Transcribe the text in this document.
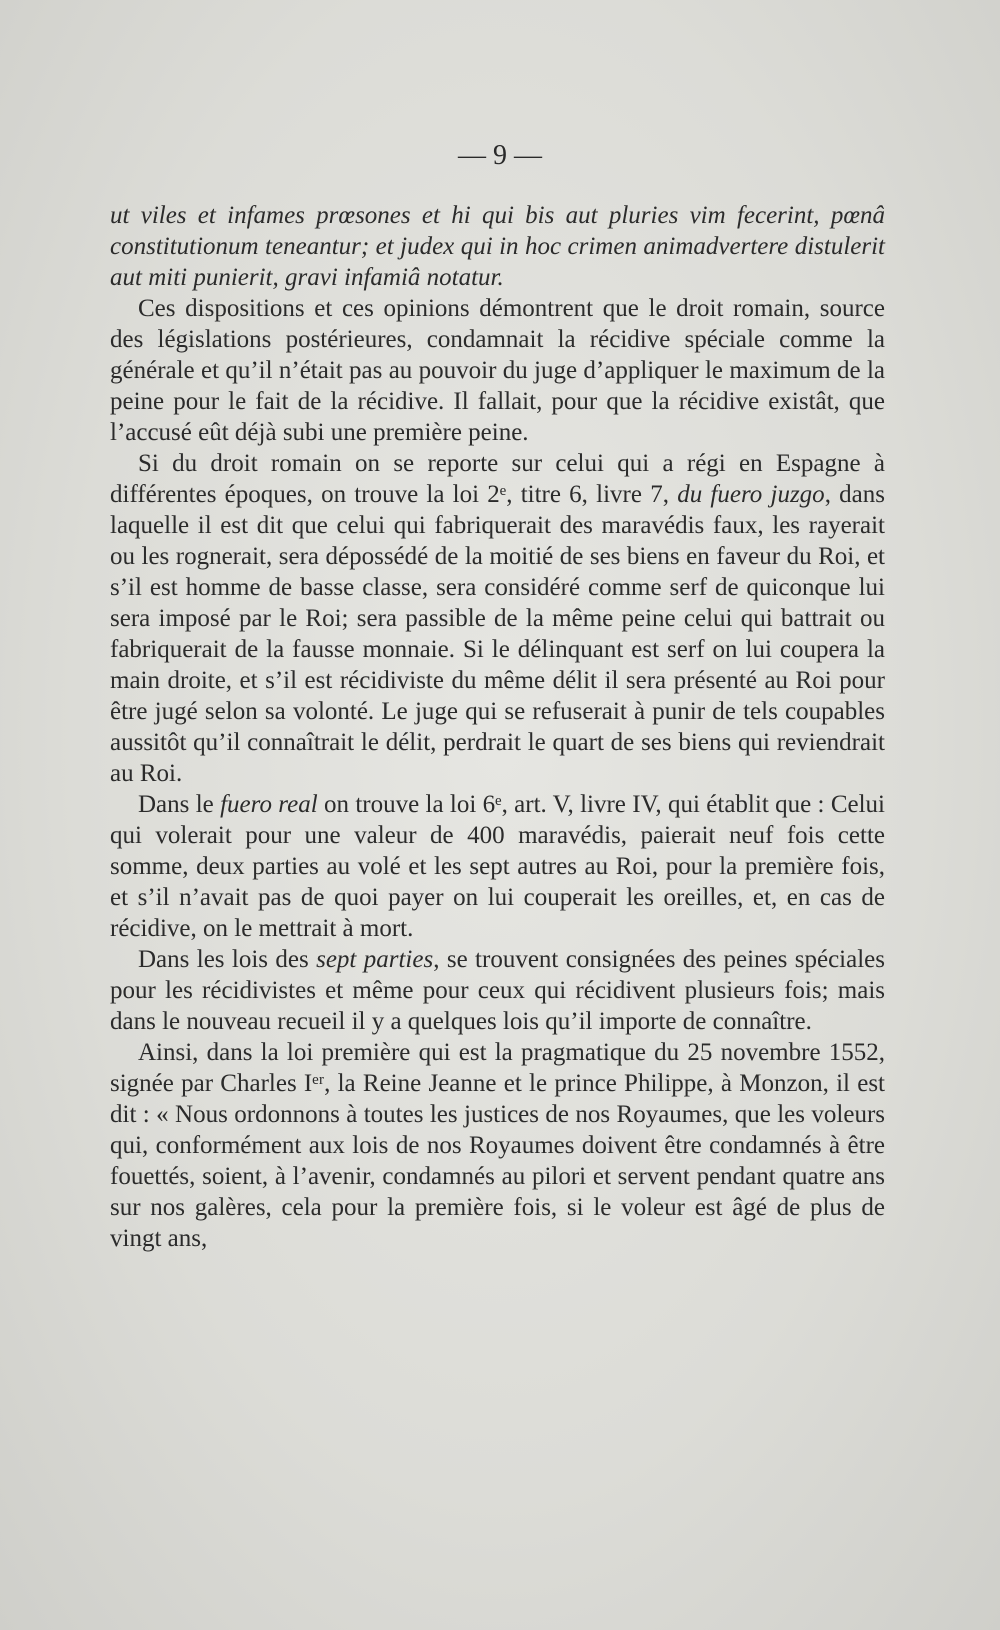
— 9 —

ut viles et infames prœsones et hi qui bis aut pluries vim fecerint, pœnâ constitutionum teneantur; et judex qui in hoc crimen animadvertere distulerit aut miti punierit, gravi infamiâ notatur.

Ces dispositions et ces opinions démontrent que le droit romain, source des législations postérieures, condamnait la récidive spéciale comme la générale et qu’il n’était pas au pouvoir du juge d’appliquer le maximum de la peine pour le fait de la récidive. Il fallait, pour que la récidive existât, que l’accusé eût déjà subi une première peine.

Si du droit romain on se reporte sur celui qui a régi en Espagne à différentes époques, on trouve la loi 2ᵉ, titre 6, livre 7, du fuero juzgo, dans laquelle il est dit que celui qui fabriquerait des maravédis faux, les rayerait ou les rognerait, sera dépossédé de la moitié de ses biens en faveur du Roi, et s’il est homme de basse classe, sera considéré comme serf de quiconque lui sera imposé par le Roi; sera passible de la même peine celui qui battrait ou fabriquerait de la fausse monnaie. Si le délinquant est serf on lui coupera la main droite, et s’il est récidiviste du même délit il sera présenté au Roi pour être jugé selon sa volonté. Le juge qui se refuserait à punir de tels coupables aussitôt qu’il connaîtrait le délit, perdrait le quart de ses biens qui reviendrait au Roi.

Dans le fuero real on trouve la loi 6ᵉ, art. V, livre IV, qui établit que : Celui qui volerait pour une valeur de 400 maravédis, paierait neuf fois cette somme, deux parties au volé et les sept autres au Roi, pour la première fois, et s’il n’avait pas de quoi payer on lui couperait les oreilles, et, en cas de récidive, on le mettrait à mort.

Dans les lois des sept parties, se trouvent consignées des peines spéciales pour les récidivistes et même pour ceux qui récidivent plusieurs fois; mais dans le nouveau recueil il y a quelques lois qu’il importe de connaître.

Ainsi, dans la loi première qui est la pragmatique du 25 novembre 1552, signée par Charles Iᵉʳ, la Reine Jeanne et le prince Philippe, à Monzon, il est dit : « Nous ordonnons à toutes les justices de nos Royaumes, que les voleurs qui, conformément aux lois de nos Royaumes doivent être condamnés à être fouettés, soient, à l’avenir, condamnés au pilori et servent pendant quatre ans sur nos galères, cela pour la première fois, si le voleur est âgé de plus de vingt ans,
